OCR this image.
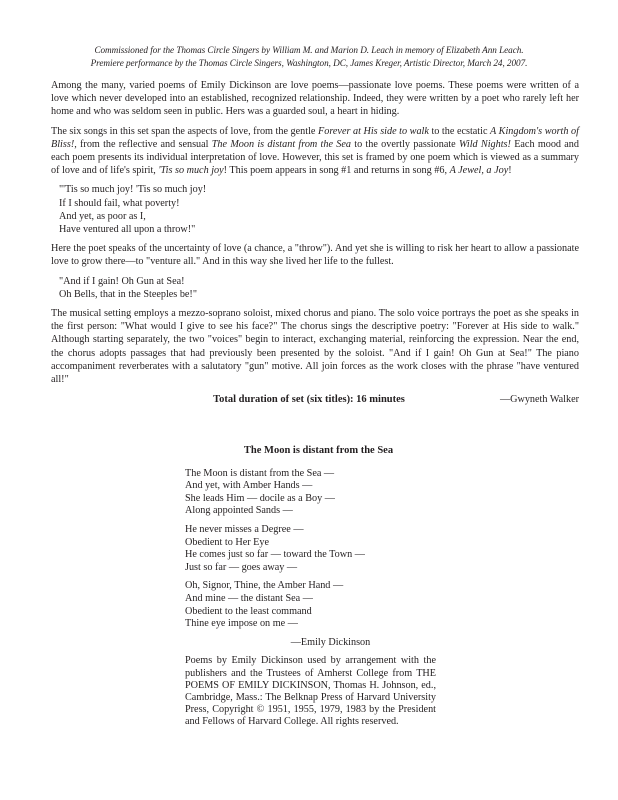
Commissioned for the Thomas Circle Singers by William M. and Marion D. Leach in memory of Elizabeth Ann Leach.
Premiere performance by the Thomas Circle Singers, Washington, DC, James Kreger, Artistic Director, March 24, 2007.

Among the many, varied poems of Emily Dickinson are love poems—passionate love poems. These poems were written of a love which never developed into an established, recognized relationship. Indeed, they were written by a poet who rarely left her home and who was seldom seen in public. Hers was a guarded soul, a heart in hiding.

The six songs in this set span the aspects of love, from the gentle Forever at His side to walk to the ecstatic A Kingdom's worth of Bliss!, from the reflective and sensual The Moon is distant from the Sea to the overtly passionate Wild Nights! Each mood and each poem presents its individual interpretation of love. However, this set is framed by one poem which is viewed as a summary of love and of life's spirit, 'Tis so much joy! This poem appears in song #1 and returns in song #6, A Jewel, a Joy!

"'Tis so much joy! 'Tis so much joy!
If I should fail, what poverty!
And yet, as poor as I,
Have ventured all upon a throw!"

Here the poet speaks of the uncertainty of love (a chance, a "throw"). And yet she is willing to risk her heart to allow a passionate love to grow there—to "venture all." And in this way she lived her life to the fullest.

"And if I gain! Oh Gun at Sea!
Oh Bells, that in the Steeples be!"

The musical setting employs a mezzo-soprano soloist, mixed chorus and piano. The solo voice portrays the poet as she speaks in the first person: "What would I give to see his face?" The chorus sings the descriptive poetry: "Forever at His side to walk." Although starting separately, the two "voices" begin to interact, exchanging material, reinforcing the expression. Near the end, the chorus adopts passages that had previously been presented by the soloist. "And if I gain! Oh Gun at Sea!" The piano accompaniment reverberates with a salutatory "gun" motive. All join forces as the work closes with the phrase "have ventured all!"

—Gwyneth Walker
Total duration of set (six titles): 16 minutes
The Moon is distant from the Sea
The Moon is distant from the Sea —
And yet, with Amber Hands —
She leads Him — docile as a Boy —
Along appointed Sands —
He never misses a Degree —
Obedient to Her Eye
He comes just so far — toward the Town —
Just so far — goes away —
Oh, Signor, Thine, the Amber Hand —
And mine — the distant Sea —
Obedient to the least command
Thine eye impose on me —
—Emily Dickinson
Poems by Emily Dickinson used by arrangement with the publishers and the Trustees of Amherst College from THE POEMS OF EMILY DICKINSON, Thomas H. Johnson, ed., Cambridge, Mass.: The Belknap Press of Harvard University Press, Copyright © 1951, 1955, 1979, 1983 by the President and Fellows of Harvard College. All rights reserved.
